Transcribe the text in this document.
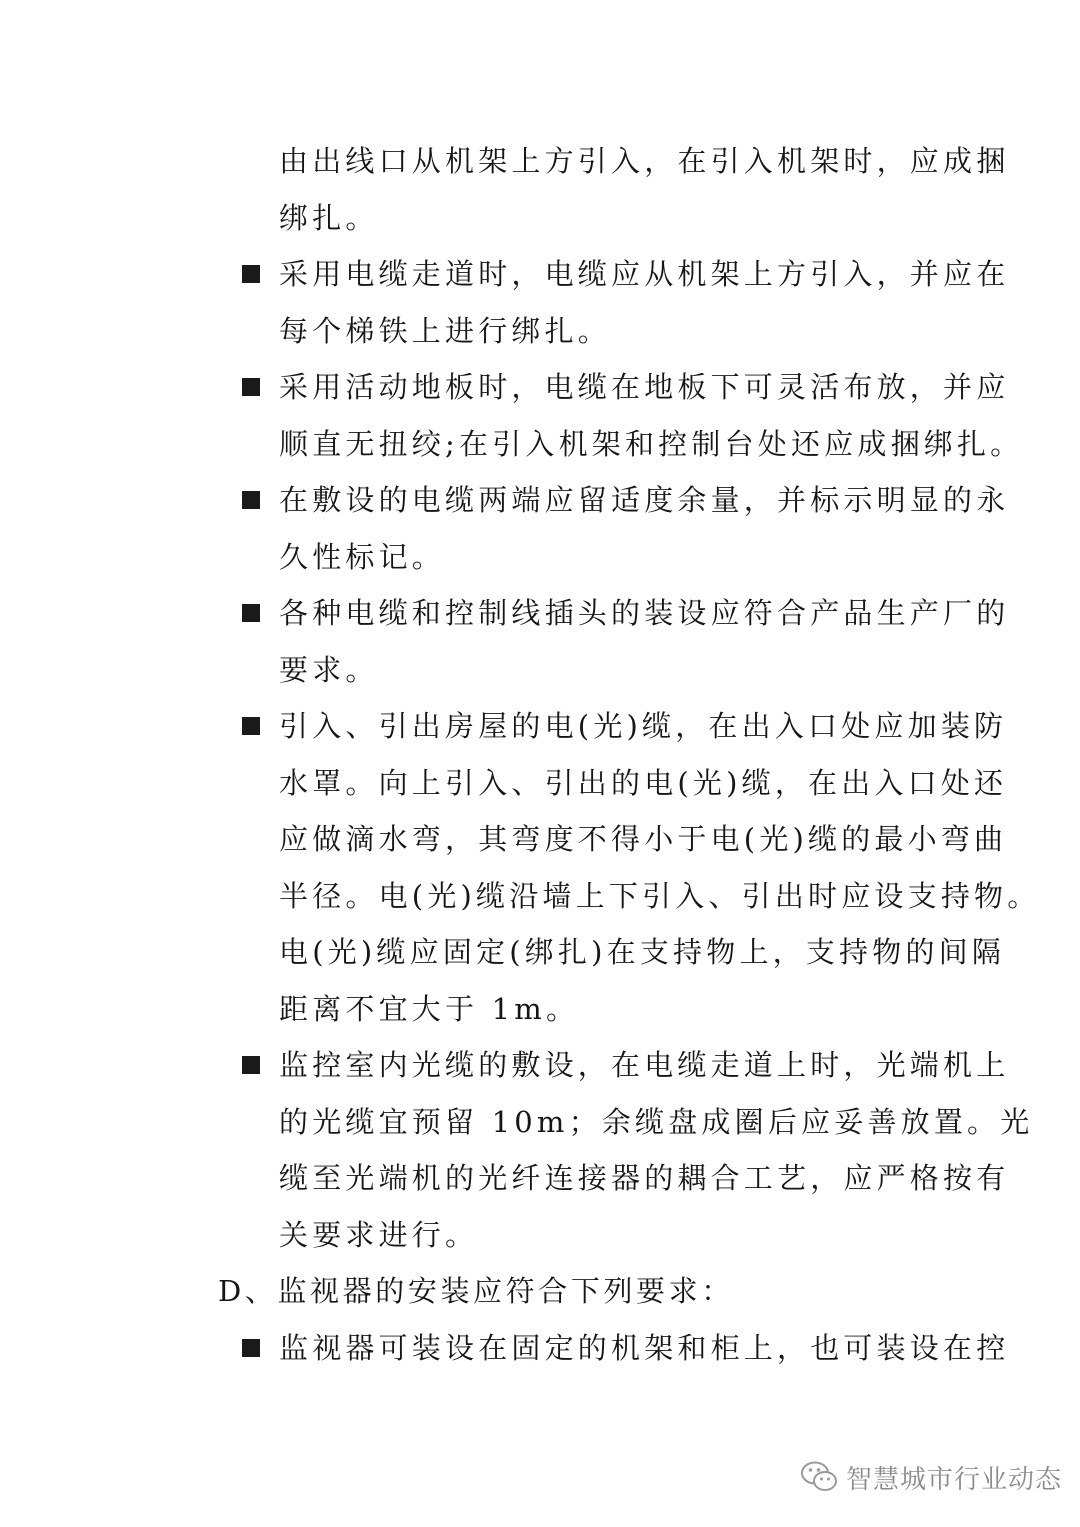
由出线口从机架上方引入，在引入机架时，应成捆
绑扎。
采用电缆走道时，电缆应从机架上方引入，并应在
每个梯铁上进行绑扎。
采用活动地板时，电缆在地板下可灵活布放，并应
顺直无扭绞;在引入机架和控制台处还应成捆绑扎。
在敷设的电缆两端应留适度余量，并标示明显的永
久性标记。
各种电缆和控制线插头的装设应符合产品生产厂的
要求。
引入、引出房屋的电(光)缆，在出入口处应加装防
水罩。向上引入、引出的电(光)缆，在出入口处还
应做滴水弯，其弯度不得小于电(光)缆的最小弯曲
半径。电(光)缆沿墙上下引入、引出时应设支持物。
电(光)缆应固定(绑扎)在支持物上，支持物的间隔
距离不宜大于 1m。
监控室内光缆的敷设，在电缆走道上时，光端机上
的光缆宜预留 10m；余缆盘成圈后应妥善放置。光
缆至光端机的光纤连接器的耦合工艺，应严格按有
关要求进行。
D、监视器的安装应符合下列要求：
监视器可装设在固定的机架和柜上，也可装设在控
智慧城市行业动态
